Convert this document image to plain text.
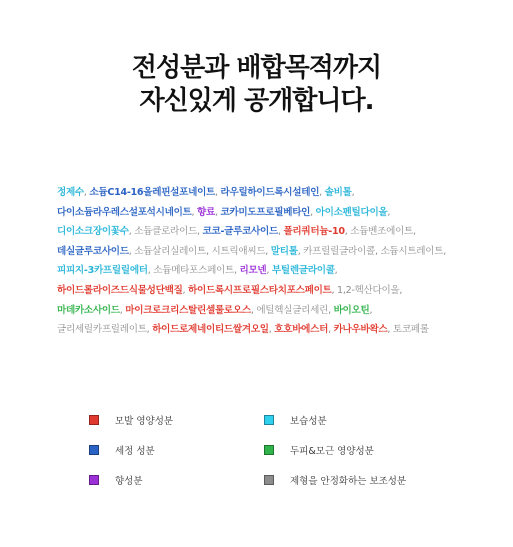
전성분과 배합목적까지
자신있게 공개합니다.
정제수, 소듐C14-16올레핀설포네이트, 라우릴하이드록시설테인, 솔비톨, 다이소듐라우레스설포석시네이트, 향료, 코카미도프로필베타인, 아이소펜틸다이올, 디이소크장이꽃수, 소듐클로라이드, 코코-글루코사이드, 폴리쿼터늄-10, 소듐벤조에이트, 데실글루코사이드, 소듐살리실레이트, 시트릭애씨드, 말티톨, 카프릴릴글라이콜, 소듐시트레이트, 피피지-3카프릴릴에터, 소듐메타포스페이트, 리모넨, 부틸렌글라이콜, 하이드롤라이즈드식물성단백질, 하이드록시프로필스타치포스페이트, 1,2-헥산다이올, 마데카소사이드, 마이크로크리스탈린셀룰로오스, 에틸헥실글리세린, 바이오틴, 글리세릴카프릴레이트, 하이드로제네이티드쌀겨오일, 호호바에스터, 카나우바왁스, 토코페롤
모발 영양성분	보습성분
세정 성분	두피&모근 영양성분
향성분	제형을 안정화하는 보조성분
